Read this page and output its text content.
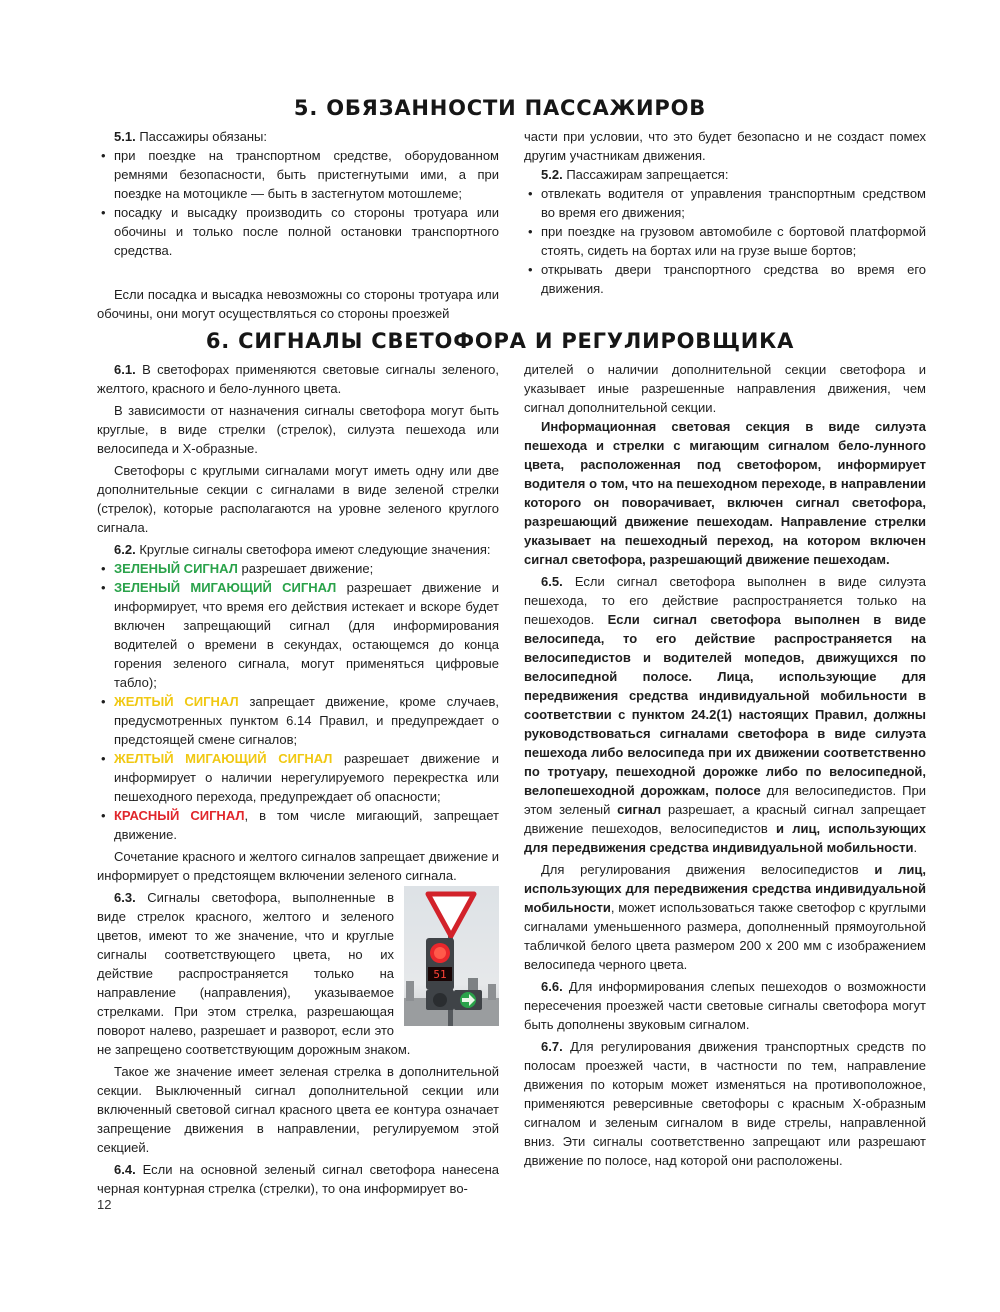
5. ОБЯЗАННОСТИ ПАССАЖИРОВ

5.1. Пассажиры обязаны:

• при поездке на транспортном средстве, оборудованном ремнями безопасности, быть пристегнутыми ими, а при поездке на мотоцикле — быть в застегнутом мотошлеме;

• посадку и высадку производить со стороны тротуара или обочины и только после полной остановки транспортного средства.

Если посадка и высадка невозможны со стороны тротуара или обочины, они могут осуществляться со стороны проезжей

части при условии, что это будет безопасно и не создаст помех другим участникам движения.

5.2. Пассажирам запрещается:

• отвлекать водителя от управления транспортным средством во время его движения;

• при поездке на грузовом автомобиле с бортовой платформой стоять, сидеть на бортах или на грузе выше бортов;

• открывать двери транспортного средства во время его движения.

6. СИГНАЛЫ СВЕТОФОРА И РЕГУЛИРОВЩИКА

6.1. В светофорах применяются световые сигналы зеленого, желтого, красного и бело-лунного цвета.

В зависимости от назначения сигналы светофора могут быть круглые, в виде стрелки (стрелок), силуэта пешехода или велосипеда и Х-образные.

Светофоры с круглыми сигналами могут иметь одну или две дополнительные секции с сигналами в виде зеленой стрелки (стрелок), которые располагаются на уровне зеленого круглого сигнала.

6.2. Круглые сигналы светофора имеют следующие значения:

• ЗЕЛЕНЫЙ СИГНАЛ разрешает движение;

• ЗЕЛЕНЫЙ МИГАЮЩИЙ СИГНАЛ разрешает движение и информирует, что время его действия истекает и вскоре будет включен запрещающий сигнал (для информирования водителей о времени в секундах, остающемся до конца горения зеленого сигнала, могут применяться цифровые табло);

• ЖЕЛТЫЙ СИГНАЛ запрещает движение, кроме случаев, предусмотренных пунктом 6.14 Правил, и предупреждает о предстоящей смене сигналов;

• ЖЕЛТЫЙ МИГАЮЩИЙ СИГНАЛ разрешает движение и информирует о наличии нерегулируемого перекрестка или пешеходного перехода, предупреждает об опасности;

• КРАСНЫЙ СИГНАЛ, в том числе мигающий, запрещает движение.

Сочетание красного и желтого сигналов запрещает движение и информирует о предстоящем включении зеленого сигнала.

51

6.3. Сигналы светофора, выполненные в виде стрелок красного, желтого и зеленого цветов, имеют то же значение, что и круглые сигналы соответствующего цвета, но их действие распространяется только на направление (направления), указываемое стрелками. При этом стрелка, разрешающая поворот налево, разрешает и разворот, если это не запрещено соответствующим дорожным знаком.

Такое же значение имеет зеленая стрелка в дополнительной секции. Выключенный сигнал дополнительной секции или включенный световой сигнал красного цвета ее контура означает запрещение движения в направлении, регулируемом этой секцией.

6.4. Если на основной зеленый сигнал светофора нанесена черная контурная стрелка (стрелки), то она информирует во-

дителей о наличии дополнительной секции светофора и указывает иные разрешенные направления движения, чем сигнал дополнительной секции.

Информационная световая секция в виде силуэта пешехода и стрелки с мигающим сигналом бело-лунного цвета, расположенная под светофором, информирует водителя о том, что на пешеходном переходе, в направлении которого он поворачивает, включен сигнал светофора, разрешающий движение пешеходам. Направление стрелки указывает на пешеходный переход, на котором включен сигнал светофора, разрешающий движение пешеходам.

6.5. Если сигнал светофора выполнен в виде силуэта пешехода, то его действие распространяется только на пешеходов. Если сигнал светофора выполнен в виде велосипеда, то его действие распространяется на велосипедистов и водителей мопедов, движущихся по велосипедной полосе. Лица, использующие для передвижения средства индивидуальной мобильности в соответствии с пунктом 24.2(1) настоящих Правил, должны руководствоваться сигналами светофора в виде силуэта пешехода либо велосипеда при их движении соответственно по тротуару, пешеходной дорожке либо по велосипедной, велопешеходной дорожкам, полосе для велосипедистов. При этом зеленый сигнал разрешает, а красный сигнал запрещает движение пешеходов, велосипедистов и лиц, использующих для передвижения средства индивидуальной мобильности.

Для регулирования движения велосипедистов и лиц, использующих для передвижения средства индивидуальной мобильности, может использоваться также светофор с круглыми сигналами уменьшенного размера, дополненный прямоугольной табличкой белого цвета размером 200 х 200 мм с изображением велосипеда черного цвета.

6.6. Для информирования слепых пешеходов о возможности пересечения проезжей части световые сигналы светофора могут быть дополнены звуковым сигналом.

6.7. Для регулирования движения транспортных средств по полосам проезжей части, в частности по тем, направление движения по которым может изменяться на противоположное, применяются реверсивные светофоры с красным Х-образным сигналом и зеленым сигналом в виде стрелы, направленной вниз. Эти сигналы соответственно запрещают или разрешают движение по полосе, над которой они расположены.

12
